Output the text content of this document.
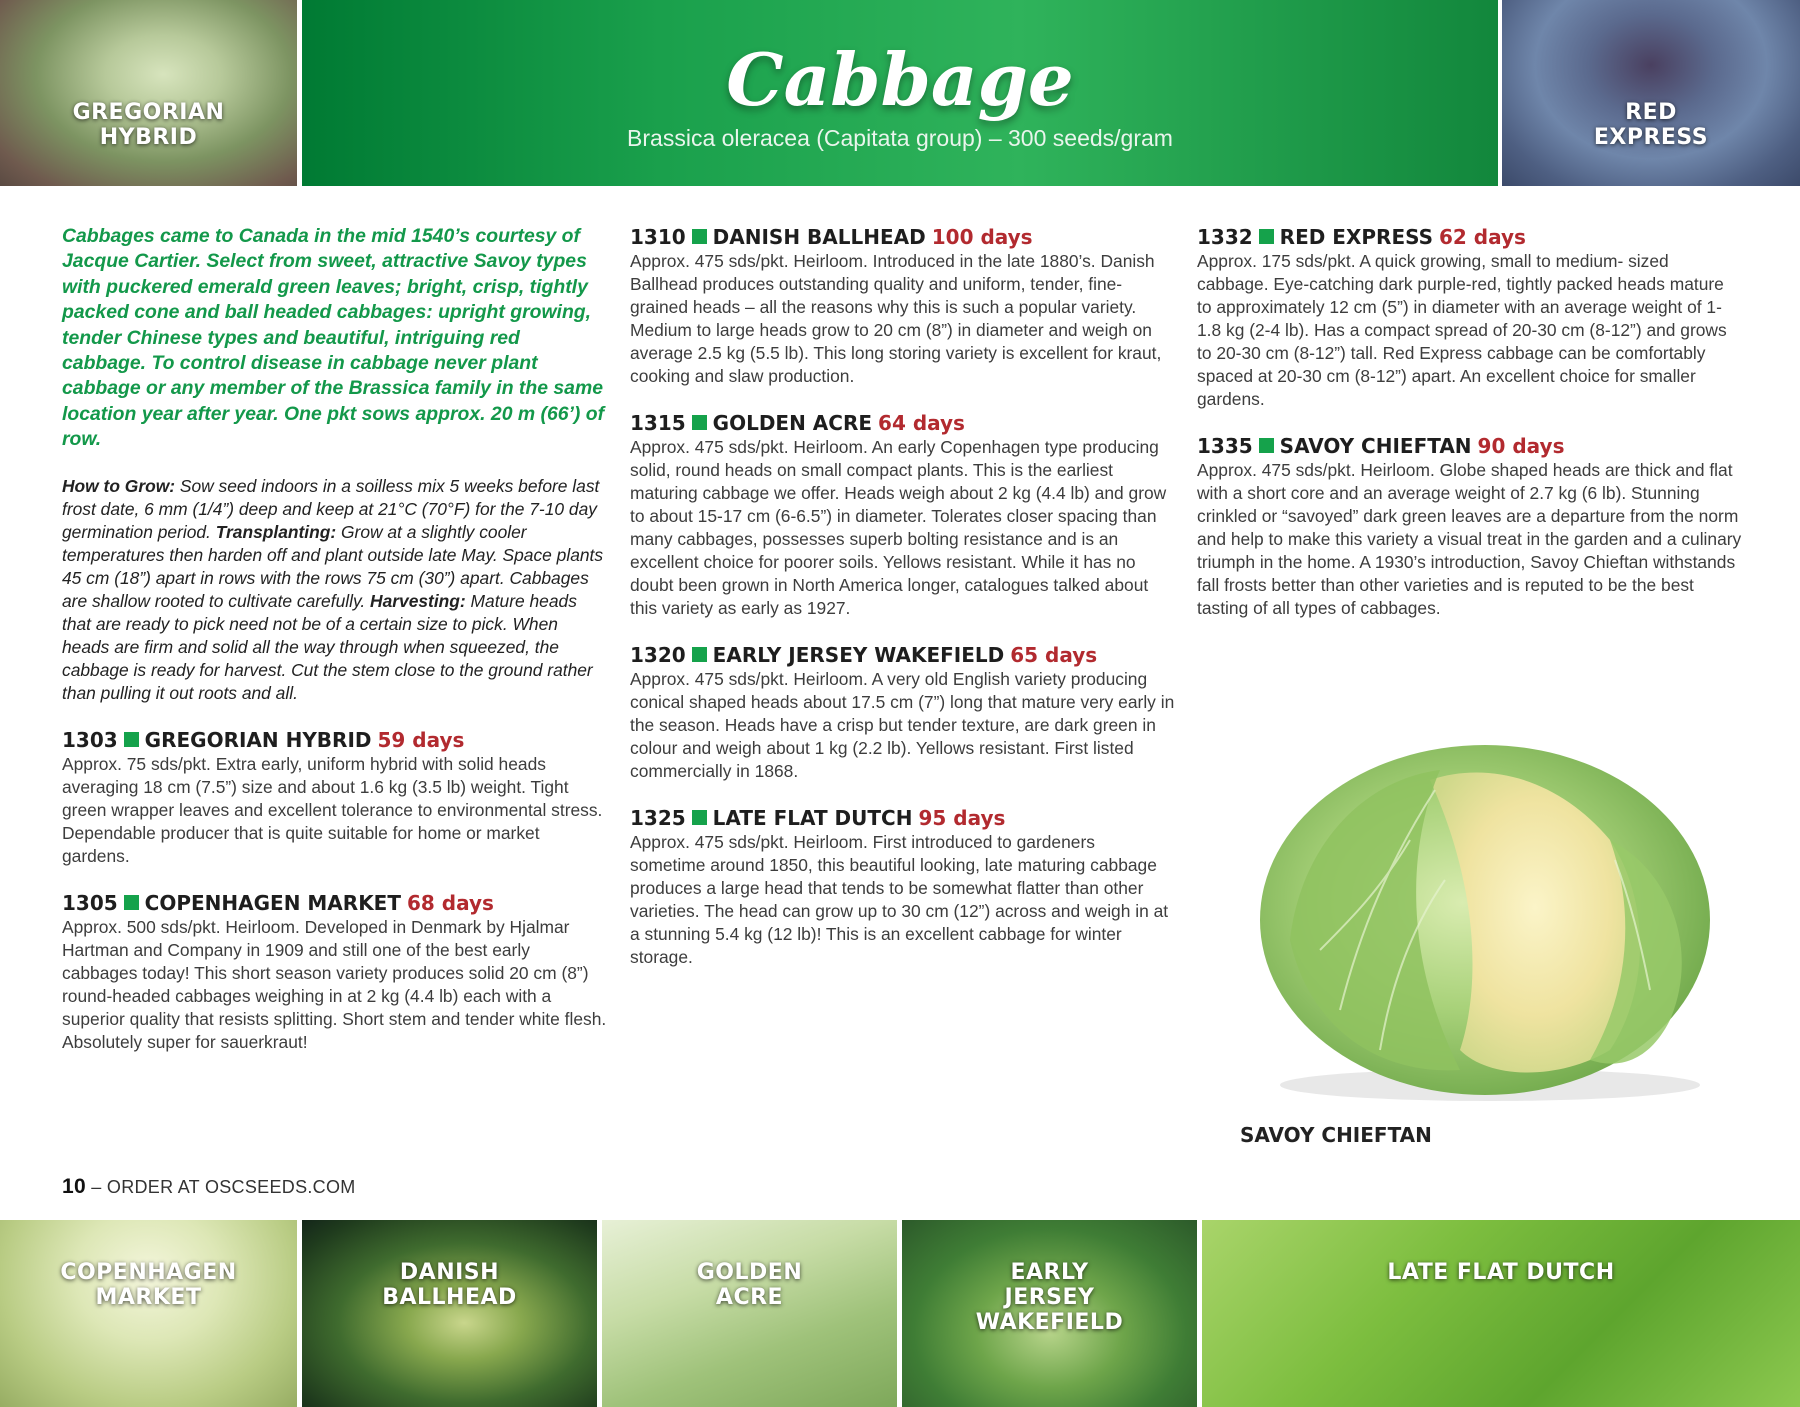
GREGORIAN
HYBRID
Cabbage
Brassica oleracea (Capitata group) – 300 seeds/gram
RED
EXPRESS

Cabbages came to Canada in the mid 1540’s courtesy of Jacque Cartier. Select from sweet, attractive Savoy types with puckered emerald green leaves; bright, crisp, tightly packed cone and ball headed cabbages: upright growing, tender Chinese types and beautiful, intriguing red cabbage. To control disease in cabbage never plant cabbage or any member of the Brassica family in the same location year after year. One pkt sows approx. 20 m (66’) of row.

How to Grow: Sow seed indoors in a soilless mix 5 weeks before last frost date, 6 mm (1/4”) deep and keep at 21°C (70°F) for the 7-10 day germination period. Transplanting: Grow at a slightly cooler temperatures then harden off and plant outside late May. Space plants 45 cm (18”) apart in rows with the rows 75 cm (30”) apart. Cabbages are shallow rooted to cultivate carefully. Harvesting: Mature heads that are ready to pick need not be of a certain size to pick. When heads are firm and solid all the way through when squeezed, the cabbage is ready for harvest. Cut the stem close to the ground rather than pulling it out roots and all.

1303 GREGORIAN HYBRID 59 days

Approx. 75 sds/pkt. Extra early, uniform hybrid with solid heads averaging 18 cm (7.5”) size and about 1.6 kg (3.5 lb) weight. Tight green wrapper leaves and excellent tolerance to environmental stress. Dependable producer that is quite suitable for home or market gardens.

1305 COPENHAGEN MARKET 68 days

Approx. 500 sds/pkt. Heirloom. Developed in Denmark by Hjalmar Hartman and Company in 1909 and still one of the best early cabbages today! This short season variety produces solid 20 cm (8”) round-headed cabbages weighing in at 2 kg (4.4 lb) each with a superior quality that resists splitting. Short stem and tender white flesh. Absolutely super for sauerkraut!

1310 DANISH BALLHEAD 100 days

Approx. 475 sds/pkt. Heirloom. Introduced in the late 1880’s. Danish Ballhead produces outstanding quality and uniform, tender, fine-grained heads – all the reasons why this is such a popular variety. Medium to large heads grow to 20 cm (8”) in diameter and weigh on average 2.5 kg (5.5 lb). This long storing variety is excellent for kraut, cooking and slaw production.

1315 GOLDEN ACRE 64 days

Approx. 475 sds/pkt. Heirloom. An early Copenhagen type producing solid, round heads on small compact plants. This is the earliest maturing cabbage we offer. Heads weigh about 2 kg (4.4 lb) and grow to about 15-17 cm (6-6.5”) in diameter. Tolerates closer spacing than many cabbages, possesses superb bolting resistance and is an excellent choice for poorer soils. Yellows resistant. While it has no doubt been grown in North America longer, catalogues talked about this variety as early as 1927.

1320 EARLY JERSEY WAKEFIELD 65 days

Approx. 475 sds/pkt. Heirloom. A very old English variety producing conical shaped heads about 17.5 cm (7”) long that mature very early in the season. Heads have a crisp but tender texture, are dark green in colour and weigh about 1 kg (2.2 lb). Yellows resistant. First listed commercially in 1868.

1325 LATE FLAT DUTCH 95 days

Approx. 475 sds/pkt. Heirloom. First introduced to gardeners sometime around 1850, this beautiful looking, late maturing cabbage produces a large head that tends to be somewhat flatter than other varieties. The head can grow up to 30 cm (12”) across and weigh in at a stunning 5.4 kg (12 lb)! This is an excellent cabbage for winter storage.

1332 RED EXPRESS 62 days

Approx. 175 sds/pkt. A quick growing, small to medium- sized cabbage. Eye-catching dark purple-red, tightly packed heads mature to approximately 12 cm (5”) in diameter with an average weight of 1-1.8 kg (2-4 lb). Has a compact spread of 20-30 cm (8-12”) and grows to 20-30 cm (8-12”) tall. Red Express cabbage can be comfortably spaced at 20-30 cm (8-12”) apart. An excellent choice for smaller gardens.

1335 SAVOY CHIEFTAN 90 days

Approx. 475 sds/pkt. Heirloom. Globe shaped heads are thick and flat with a short core and an average weight of 2.7 kg (6 lb). Stunning crinkled or “savoyed” dark green leaves are a departure from the norm and help to make this variety a visual treat in the garden and a culinary triumph in the home. A 1930’s introduction, Savoy Chieftan withstands fall frosts better than other varieties and is reputed to be the best tasting of all types of cabbages.

SAVOY CHIEFTAN
10 – ORDER AT OSCSEEDS.COM
COPENHAGEN
MARKET
DANISH
BALLHEAD
GOLDEN
ACRE
EARLY
JERSEY
WAKEFIELD
LATE FLAT DUTCH
